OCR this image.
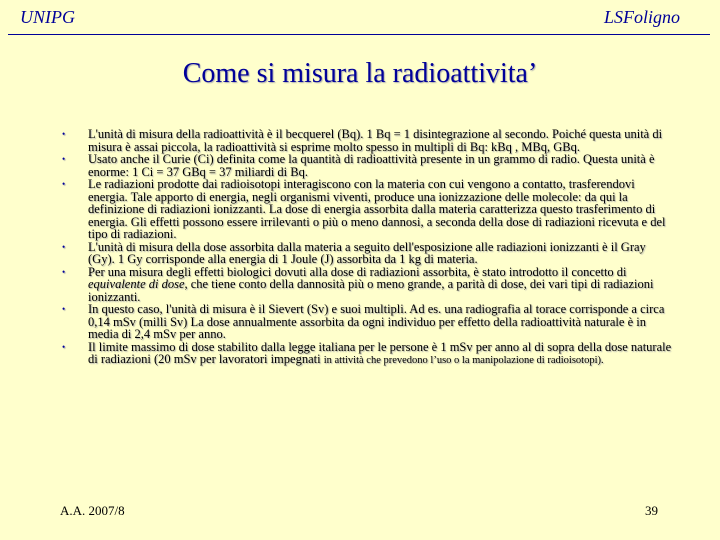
UNIPG	LSFoligno
Come si misura la radioattivita’
• L'unità di misura della radioattività è il becquerel (Bq). 1 Bq = 1 disintegrazione al secondo. Poiché questa unità di misura è assai piccola, la radioattività si esprime molto spesso in multipli di Bq: kBq , MBq, GBq.
• Usato anche il Curie (Ci) definita come la quantità di radioattività presente in un grammo di radio. Questa unità è enorme: 1 Ci = 37 GBq = 37 miliardi di Bq.
• Le radiazioni prodotte dai radioisotopi interagiscono con la materia con cui vengono a contatto, trasferendovi energia. Tale apporto di energia, negli organismi viventi, produce una ionizzazione delle molecole: da qui la definizione di radiazioni ionizzanti. La dose di energia assorbita dalla materia caratterizza questo trasferimento di energia. Gli effetti possono essere irrilevanti o più o meno dannosi, a seconda della dose di radiazioni ricevuta e del tipo di radiazioni.
• L'unità di misura della dose assorbita dalla materia a seguito dell'esposizione alle radiazioni ionizzanti è il Gray (Gy). 1 Gy corrisponde alla energia di 1 Joule (J) assorbita da 1 kg di materia.
• Per una misura degli effetti biologici dovuti alla dose di radiazioni assorbita, è stato introdotto il concetto di equivalente di dose, che tiene conto della dannosità più o meno grande, a parità di dose, dei vari tipi di radiazioni ionizzanti.
• In questo caso, l'unità di misura è il Sievert (Sv) e suoi multipli. Ad es. una radiografia al torace corrisponde a circa 0,14 mSv (milli Sv) La dose annualmente assorbita da ogni individuo per effetto della radioattività naturale è in media di 2,4 mSv per anno.
• Il limite massimo di dose stabilito dalla legge italiana per le persone è 1 mSv per anno al di sopra della dose naturale di radiazioni (20 mSv per lavoratori impegnati in attività che prevedono l’uso o la manipolazione di radioisotopi).
A.A. 2007/8	39
